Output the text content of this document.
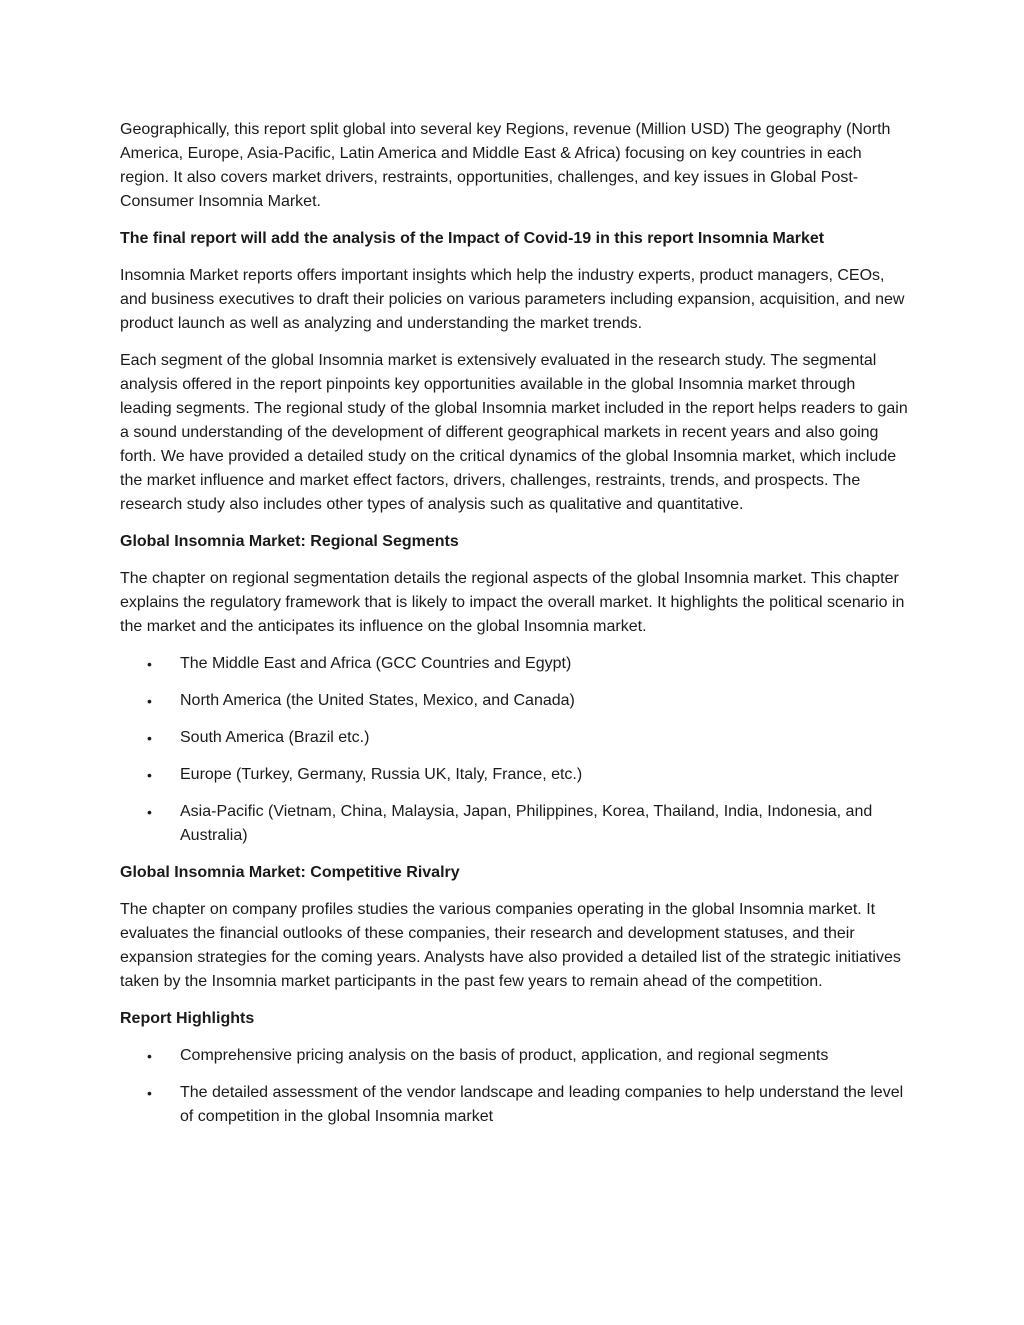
Geographically, this report split global into several key Regions, revenue (Million USD) The geography (North America, Europe, Asia-Pacific, Latin America and Middle East & Africa) focusing on key countries in each region. It also covers market drivers, restraints, opportunities, challenges, and key issues in Global Post-Consumer Insomnia Market.

The final report will add the analysis of the Impact of Covid-19 in this report Insomnia Market

Insomnia Market reports offers important insights which help the industry experts, product managers, CEOs, and business executives to draft their policies on various parameters including expansion, acquisition, and new product launch as well as analyzing and understanding the market trends.

Each segment of the global Insomnia market is extensively evaluated in the research study. The segmental analysis offered in the report pinpoints key opportunities available in the global Insomnia market through leading segments. The regional study of the global Insomnia market included in the report helps readers to gain a sound understanding of the development of different geographical markets in recent years and also going forth. We have provided a detailed study on the critical dynamics of the global Insomnia market, which include the market influence and market effect factors, drivers, challenges, restraints, trends, and prospects. The research study also includes other types of analysis such as qualitative and quantitative.

Global Insomnia Market: Regional Segments

The chapter on regional segmentation details the regional aspects of the global Insomnia market. This chapter explains the regulatory framework that is likely to impact the overall market. It highlights the political scenario in the market and the anticipates its influence on the global Insomnia market.

• The Middle East and Africa (GCC Countries and Egypt)
• North America (the United States, Mexico, and Canada)
• South America (Brazil etc.)
• Europe (Turkey, Germany, Russia UK, Italy, France, etc.)
• Asia-Pacific (Vietnam, China, Malaysia, Japan, Philippines, Korea, Thailand, India, Indonesia, and Australia)

Global Insomnia Market: Competitive Rivalry

The chapter on company profiles studies the various companies operating in the global Insomnia market. It evaluates the financial outlooks of these companies, their research and development statuses, and their expansion strategies for the coming years. Analysts have also provided a detailed list of the strategic initiatives taken by the Insomnia market participants in the past few years to remain ahead of the competition.

Report Highlights

• Comprehensive pricing analysis on the basis of product, application, and regional segments
• The detailed assessment of the vendor landscape and leading companies to help understand the level of competition in the global Insomnia market
